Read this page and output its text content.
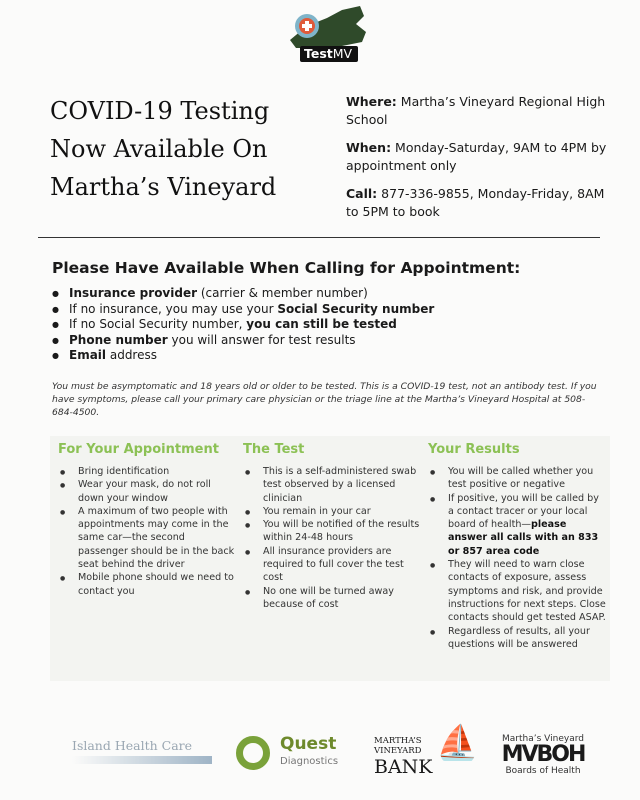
TestMV
COVID-19 Testing Now Available On Martha’s Vineyard

Where: Martha’s Vineyard Regional High School

When: Monday-Saturday, 9AM to 4PM by appointment only

Call: 877-336-9855, Monday-Friday, 8AM to 5PM to book

Please Have Available When Calling for Appointment:
● Insurance provider (carrier & member number)
● If no insurance, you may use your Social Security number
● If no Social Security number, you can still be tested
● Phone number you will answer for test results
● Email address

You must be asymptomatic and 18 years old or older to be tested. This is a COVID-19 test, not an antibody test. If you have symptoms, please call your primary care physician or the triage line at the Martha’s Vineyard Hospital at 508-684-4500.

For Your Appointment
● Bring identification
● Wear your mask, do not roll down your window
● A maximum of two people with appointments may come in the same car—the second passenger should be in the back seat behind the driver
● Mobile phone should we need to contact you
The Test
● This is a self-administered swab test observed by a licensed clinician
● You remain in your car
● You will be notified of the results within 24-48 hours
● All insurance providers are required to full cover the test cost
● No one will be turned away because of cost
Your Results
● You will be called whether you test positive or negative
● If positive, you will be called by a contact tracer or your local board of health—please answer all calls with an 833 or 857 area code
● They will need to warn close contacts of exposure, assess symptoms and risk, and provide instructions for next steps. Close contacts should get tested ASAP.
● Regardless of results, all your questions will be answered
Island Health Care	Quest
Diagnostics
MARTHA’S
VINEYARD
BANK
⛵	Martha’s Vineyard
MVBOH
Boards of Health
